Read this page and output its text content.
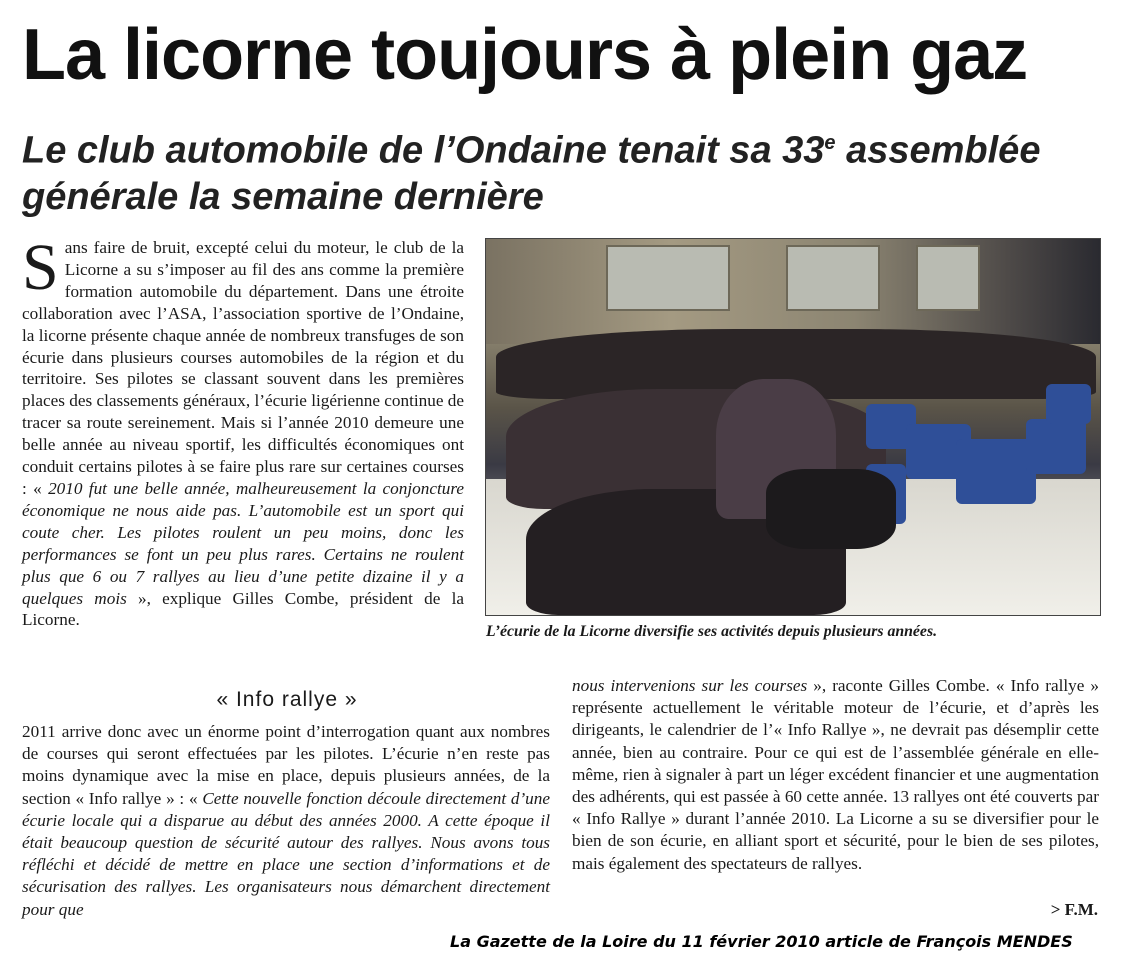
La licorne toujours à plein gaz
Le club automobile de l’Ondaine tenait sa 33e assemblée générale la semaine dernière
S ans faire de bruit, excepté celui du moteur, le club de la Licorne a su s’imposer au fil des ans comme la première formation automobile du département. Dans une étroite collaboration avec l’ASA, l’association sportive de l’Ondaine, la licorne présente chaque année de nombreux transfuges de son écurie dans plusieurs courses automobiles de la région et du territoire. Ses pilotes se classant souvent dans les premières places des classements généraux, l’écurie ligérienne continue de tracer sa route sereinement. Mais si l’année 2010 demeure une belle année au niveau sportif, les difficultés économiques ont conduit certains pilotes à se faire plus rare sur certaines courses : « 2010 fut une belle année, malheureusement la conjoncture économique ne nous aide pas. L’automobile est un sport qui coute cher. Les pilotes roulent un peu moins, donc les performances se font un peu plus rares. Certains ne roulent plus que 6 ou 7 rallyes au lieu d’une petite dizaine il y a quelques mois », explique Gilles Combe, président de la Licorne.
L’écurie de la Licorne diversifie ses activités depuis plusieurs années.
« Info rallye »
2011 arrive donc avec un énorme point d’interrogation quant aux nombres de courses qui seront effectuées par les pilotes. L’écurie n’en reste pas moins dynamique avec la mise en place, depuis plusieurs années, de la section « Info rallye » : « Cette nouvelle fonction découle directement d’une écurie locale qui a disparue au début des années 2000. A cette époque il était beaucoup question de sécurité autour des rallyes. Nous avons tous réfléchi et décidé de mettre en place une section d’informations et de sécurisation des rallyes. Les organisateurs nous démarchent directement pour que
nous intervenions sur les courses », raconte Gilles Combe. « Info rallye » représente actuellement le véritable moteur de l’écurie, et d’après les dirigeants, le calendrier de l’« Info Rallye », ne devrait pas désemplir cette année, bien au contraire. Pour ce qui est de l’assemblée générale en elle-même, rien à signaler à part un léger excédent financier et une augmentation des adhérents, qui est passée à 60 cette année. 13 rallyes ont été couverts par « Info Rallye » durant l’année 2010. La Licorne a su se diversifier pour le bien de son écurie, en alliant sport et sécurité, pour le bien de ses pilotes, mais également des spectateurs de rallyes.
> F.M.
La Gazette de la Loire du 11 février 2010 article de François MENDES
